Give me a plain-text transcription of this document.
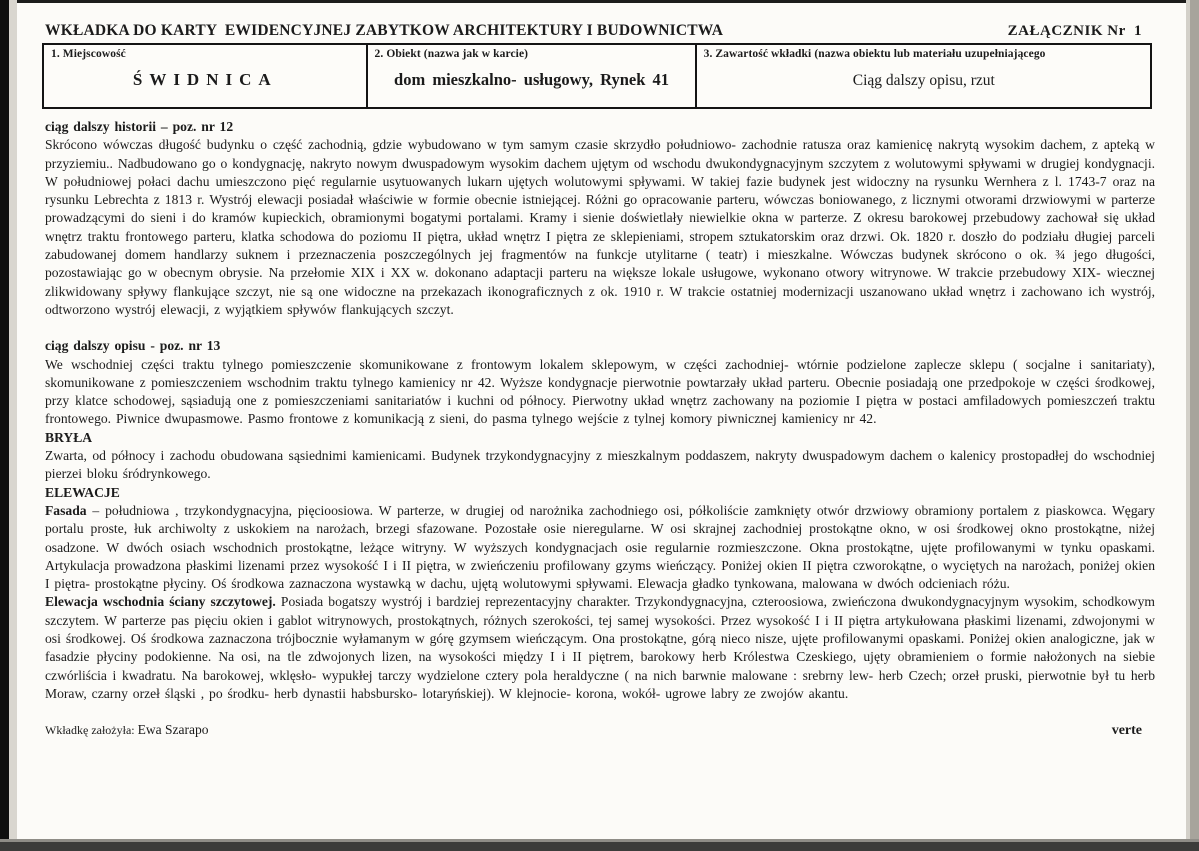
WKŁADKA DO KARTY  EWIDENCYJNEJ ZABYTKOW ARCHITEKTURY I BUDOWNICTWA	ZAŁĄCZNIK Nr  1
1. Miejscowość
ŚWIDNICA

2. Obiekt (nazwa jak w karcie)
dom mieszkalno- usługowy, Rynek 41

3. Zawartość wkładki (nazwa obiektu lub materiału uzupełniającego
Ciąg dalszy opisu, rzut
ciąg dalszy historii – poz. nr 12
Skrócono wówczas długość budynku o część zachodnią, gdzie wybudowano w tym samym czasie skrzydło południowo- zachodnie ratusza oraz kamienicę nakrytą wysokim dachem, z apteką w przyziemiu.. Nadbudowano go o kondygnację, nakryto nowym dwuspadowym wysokim dachem ujętym od wschodu dwukondygnacyjnym szczytem z wolutowymi spływami w drugiej kondygnacji. W południowej połaci dachu umieszczono pięć regularnie usytuowanych lukarn ujętych wolutowymi spływami. W takiej fazie budynek jest widoczny na rysunku Wernhera z l. 1743-7 oraz na rysunku Lebrechta z 1813 r. Wystrój elewacji posiadał właściwie w formie obecnie istniejącej. Różni go opracowanie parteru, wówczas boniowanego, z licznymi otworami drzwiowymi w parterze prowadzącymi do sieni i do kramów kupieckich, obramionymi bogatymi portalami. Kramy i sienie doświetlały niewielkie okna w parterze. Z okresu barokowej przebudowy zachował się układ wnętrz traktu frontowego parteru, klatka schodowa do poziomu II piętra, układ wnętrz I piętra ze sklepieniami, stropem sztukatorskim oraz drzwi. Ok. 1820 r. doszło do podziału długiej parceli zabudowanej domem handlarzy suknem i przeznaczenia poszczególnych jej fragmentów na funkcje utylitarne ( teatr) i mieszkalne. Wówczas budynek skrócono o ok. ¾ jego długości, pozostawiając go w obecnym obrysie. Na przełomie XIX i XX w. dokonano adaptacji parteru na większe lokale usługowe, wykonano otwory witrynowe. W trakcie przebudowy XIX- wiecznej zlikwidowany spływy flankujące szczyt, nie są one widoczne na przekazach ikonograficznych z ok. 1910 r. W trakcie ostatniej modernizacji uszanowano układ wnętrz i zachowano ich wystrój, odtworzono wystrój elewacji, z wyjątkiem spływów flankujących szczyt.
ciąg dalszy opisu - poz. nr 13
We wschodniej części traktu tylnego pomieszczenie skomunikowane z frontowym lokalem sklepowym, w części zachodniej- wtórnie podzielone zaplecze sklepu ( socjalne i sanitariaty), skomunikowane z pomieszczeniem wschodnim traktu tylnego kamienicy nr 42. Wyższe kondygnacje pierwotnie powtarzały układ parteru. Obecnie posiadają one przedpokoje w części środkowej, przy klatce schodowej, sąsiadują one z pomieszczeniami sanitariatów i kuchni od północy. Pierwotny układ wnętrz zachowany na poziomie I piętra w postaci amfiladowych pomieszczeń traktu frontowego. Piwnice dwupasmowe. Pasmo frontowe z komunikacją z sieni, do pasma tylnego wejście z tylnej komory piwnicznej kamienicy nr 42.
BRYŁA
Zwarta, od północy i zachodu obudowana sąsiednimi kamienicami. Budynek trzykondygnacyjny z mieszkalnym poddaszem, nakryty dwuspadowym dachem o kalenicy prostopadłej do wschodniej pierzei bloku śródrynkowego.
ELEWACJE
Fasada – południowa , trzykondygnacyjna, pięcioosiowa. W parterze, w drugiej od narożnika zachodniego osi, półkoliście zamknięty otwór drzwiowy obramiony portalem z piaskowca. Węgary portalu proste, łuk archiwolty z uskokiem na narożach, brzegi sfazowane. Pozostałe osie nieregularne. W osi skrajnej zachodniej prostokątne okno, w osi środkowej okno prostokątne, niżej osadzone. W dwóch osiach wschodnich prostokątne, leżące witryny. W wyższych kondygnacjach osie regularnie rozmieszczone. Okna prostokątne, ujęte profilowanymi w tynku opaskami. Artykulacja prowadzona płaskimi lizenami przez wysokość I i II piętra, w zwieńczeniu profilowany gzyms wieńczący. Poniżej okien II piętra czworokątne, o wyciętych na narożach, poniżej okien I piętra- prostokątne płyciny. Oś środkowa zaznaczona wystawką w dachu, ujętą wolutowymi spływami. Elewacja gładko tynkowana, malowana w dwóch odcieniach różu.
Elewacja wschodnia ściany szczytowej. Posiada bogatszy wystrój i bardziej reprezentacyjny charakter. Trzykondygnacyjna, czteroosiowa, zwieńczona dwukondygnacyjnym wysokim, schodkowym szczytem. W parterze pas pięciu okien i gablot witrynowych, prostokątnych, różnych szerokości, tej samej wysokości. Przez wysokość I i II piętra artykułowana płaskimi lizenami, zdwojonymi w osi środkowej. Oś środkowa zaznaczona trójbocznie wyłamanym w górę gzymsem wieńczącym. Ona prostokątne, górą nieco nisze, ujęte profilowanymi opaskami. Poniżej okien analogiczne, jak w fasadzie płyciny podokienne. Na osi, na tle zdwojonych lizen, na wysokości między I i II piętrem, barokowy herb Królestwa Czeskiego, ujęty obramieniem o formie nałożonych na siebie czwórliścia i kwadratu. Na barokowej, wklęsło- wypukłej tarczy wydzielone cztery pola heraldyczne ( na nich barwnie malowane : srebrny lew- herb Czech; orzeł pruski, pierwotnie był tu herb Moraw, czarny orzeł śląski , po środku- herb dynastii habsbursko- lotaryńskiej). W klejnocie- korona, wokół- ugrowe labry ze zwojów akantu.
Wkładkę założyła: Ewa Szarapo	verte
